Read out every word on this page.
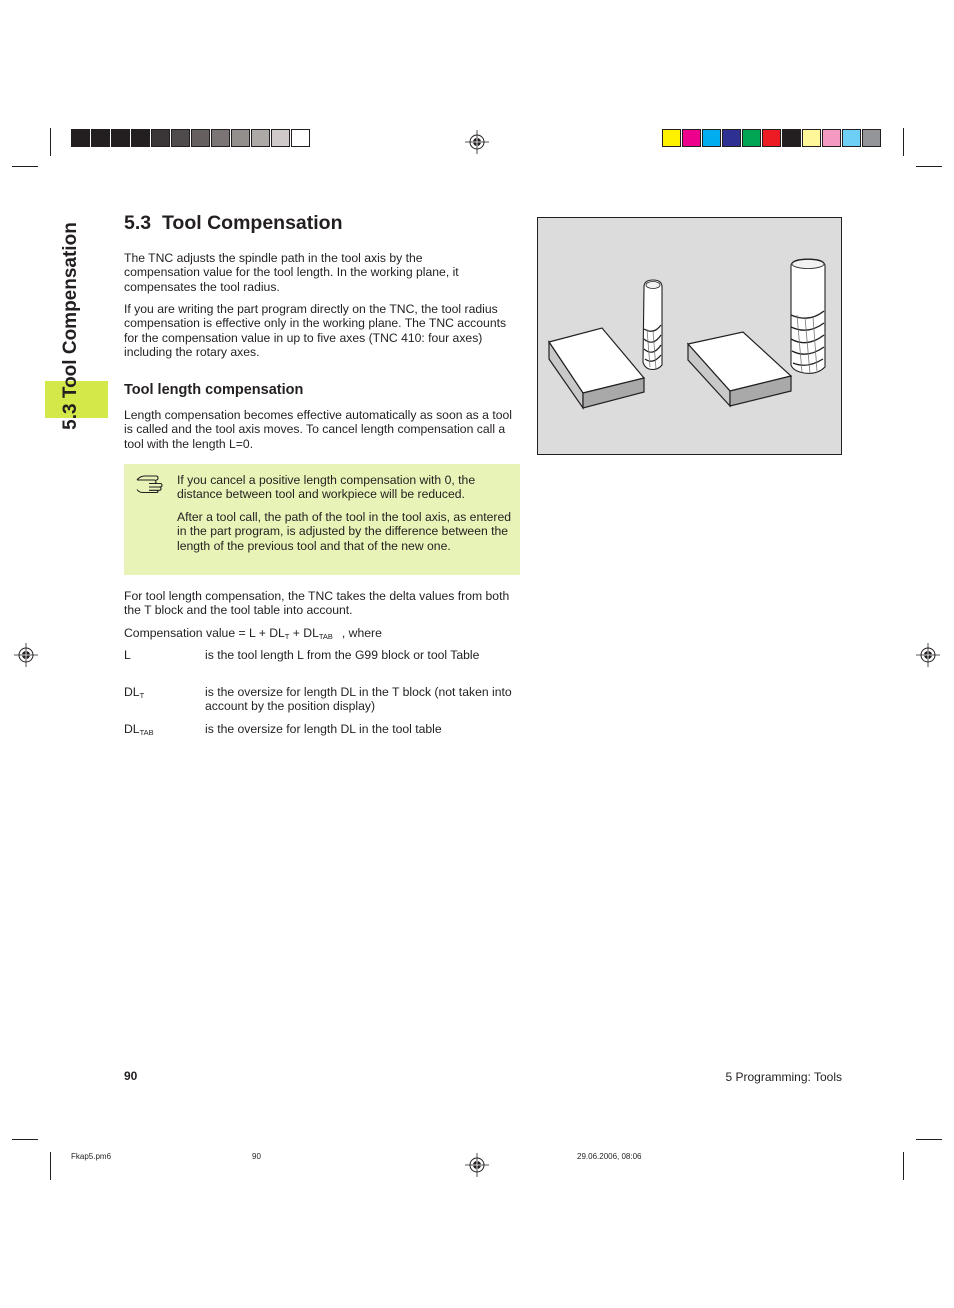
5.3 Tool Compensation 5.3 Tool Compensation

The TNC adjusts the spindle path in the tool axis by the compensation value for the tool length. In the working plane, it compensates the tool radius.

If you are writing the part program directly on the TNC, the tool radius compensation is effective only in the working plane. The TNC accounts for the compensation value in up to five axes (TNC 410: four axes) including the rotary axes.

Tool length compensation

Length compensation becomes effective automatically as soon as a tool is called and the tool axis moves. To cancel length compensation call a tool with the length L=0.

If you cancel a positive length compensation with 0, the distance between tool and workpiece will be reduced.

After a tool call, the path of the tool in the tool axis, as entered in the part program, is adjusted by the difference between the length of the previous tool and that of the new one.

For tool length compensation, the TNC takes the delta values from both the T block and the tool table into account.

Compensation value = $L + DL_T + DL_{TAB}$ , where
L	is the tool length L from the G99 block or tool Table
$DL_T$	is the oversize for length DL in the T block (not taken into account by the position display)
$DL_{TAB}$	is the oversize for length DL in the tool table
90	5 Programming: Tools
Fkap5.pm6	90	29.06.2006, 08:06
